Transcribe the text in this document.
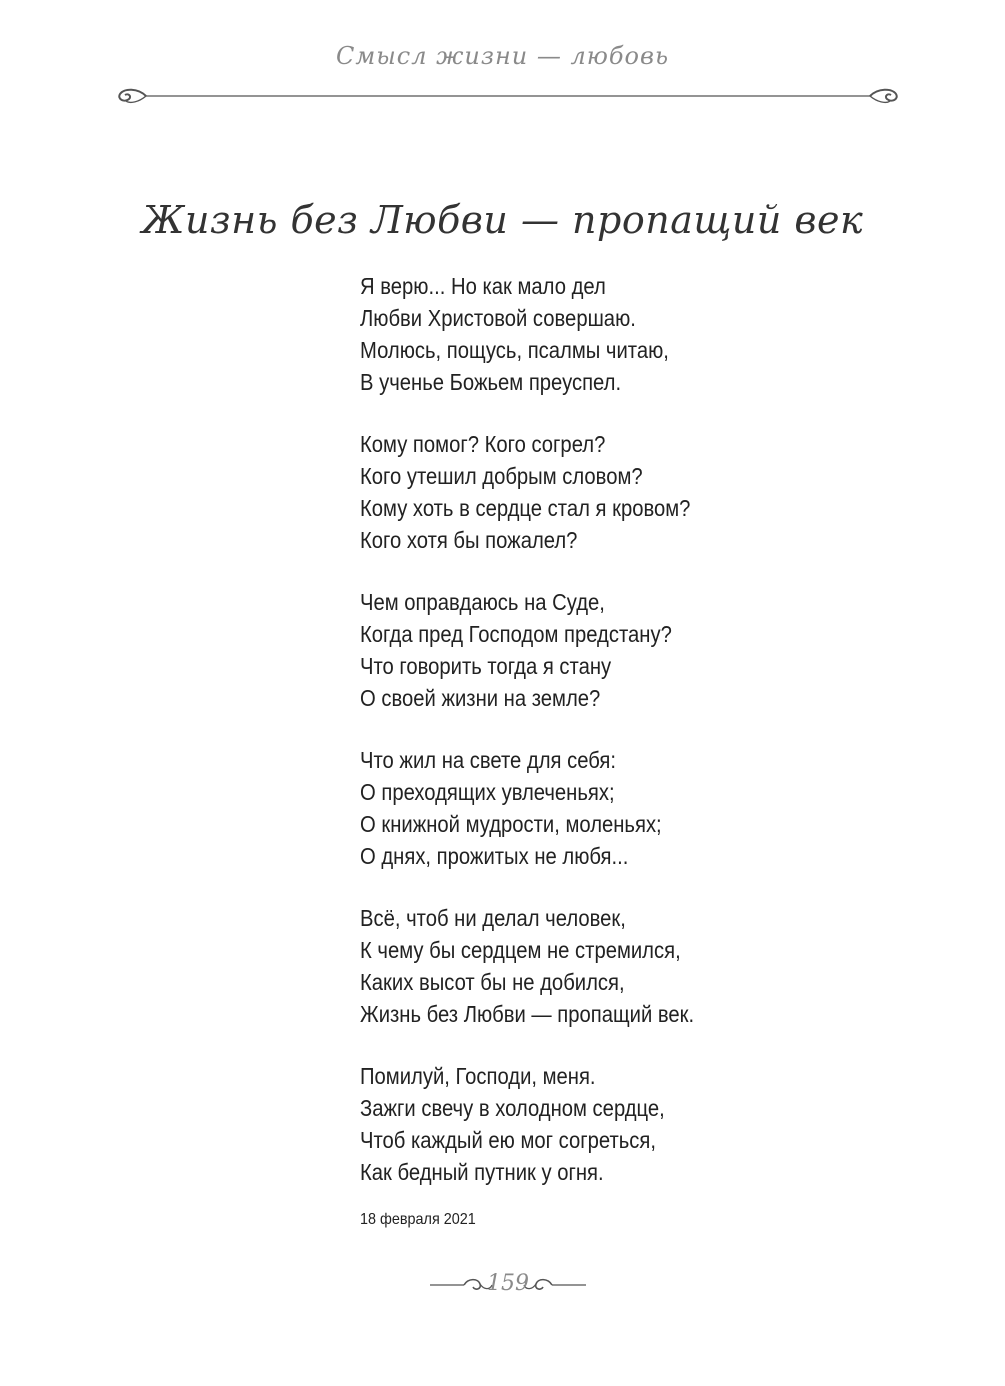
Смысл жизни — любовь
Жизнь без Любви — пропащий век
Я верю... Но как мало дел
Любви Христовой совершаю.
Молюсь, пощусь, псалмы читаю,
В ученье Божьем преуспел.
Кому помог? Кого согрел?
Кого утешил добрым словом?
Кому хоть в сердце стал я кровом?
Кого хотя бы пожалел?
Чем оправдаюсь на Суде,
Когда пред Господом предстану?
Что говорить тогда я стану
О своей жизни на земле?
Что жил на свете для себя:
О преходящих увлеченьях;
О книжной мудрости, моленьях;
О днях, прожитых не любя...
Всё, чтоб ни делал человек,
К чему бы сердцем не стремился,
Каких высот бы не добился,
Жизнь без Любви — пропащий век.
Помилуй, Господи, меня.
Зажги свечу в холодном сердце,
Чтоб каждый ею мог согреться,
Как бедный путник у огня.
18 февраля 2021
159
